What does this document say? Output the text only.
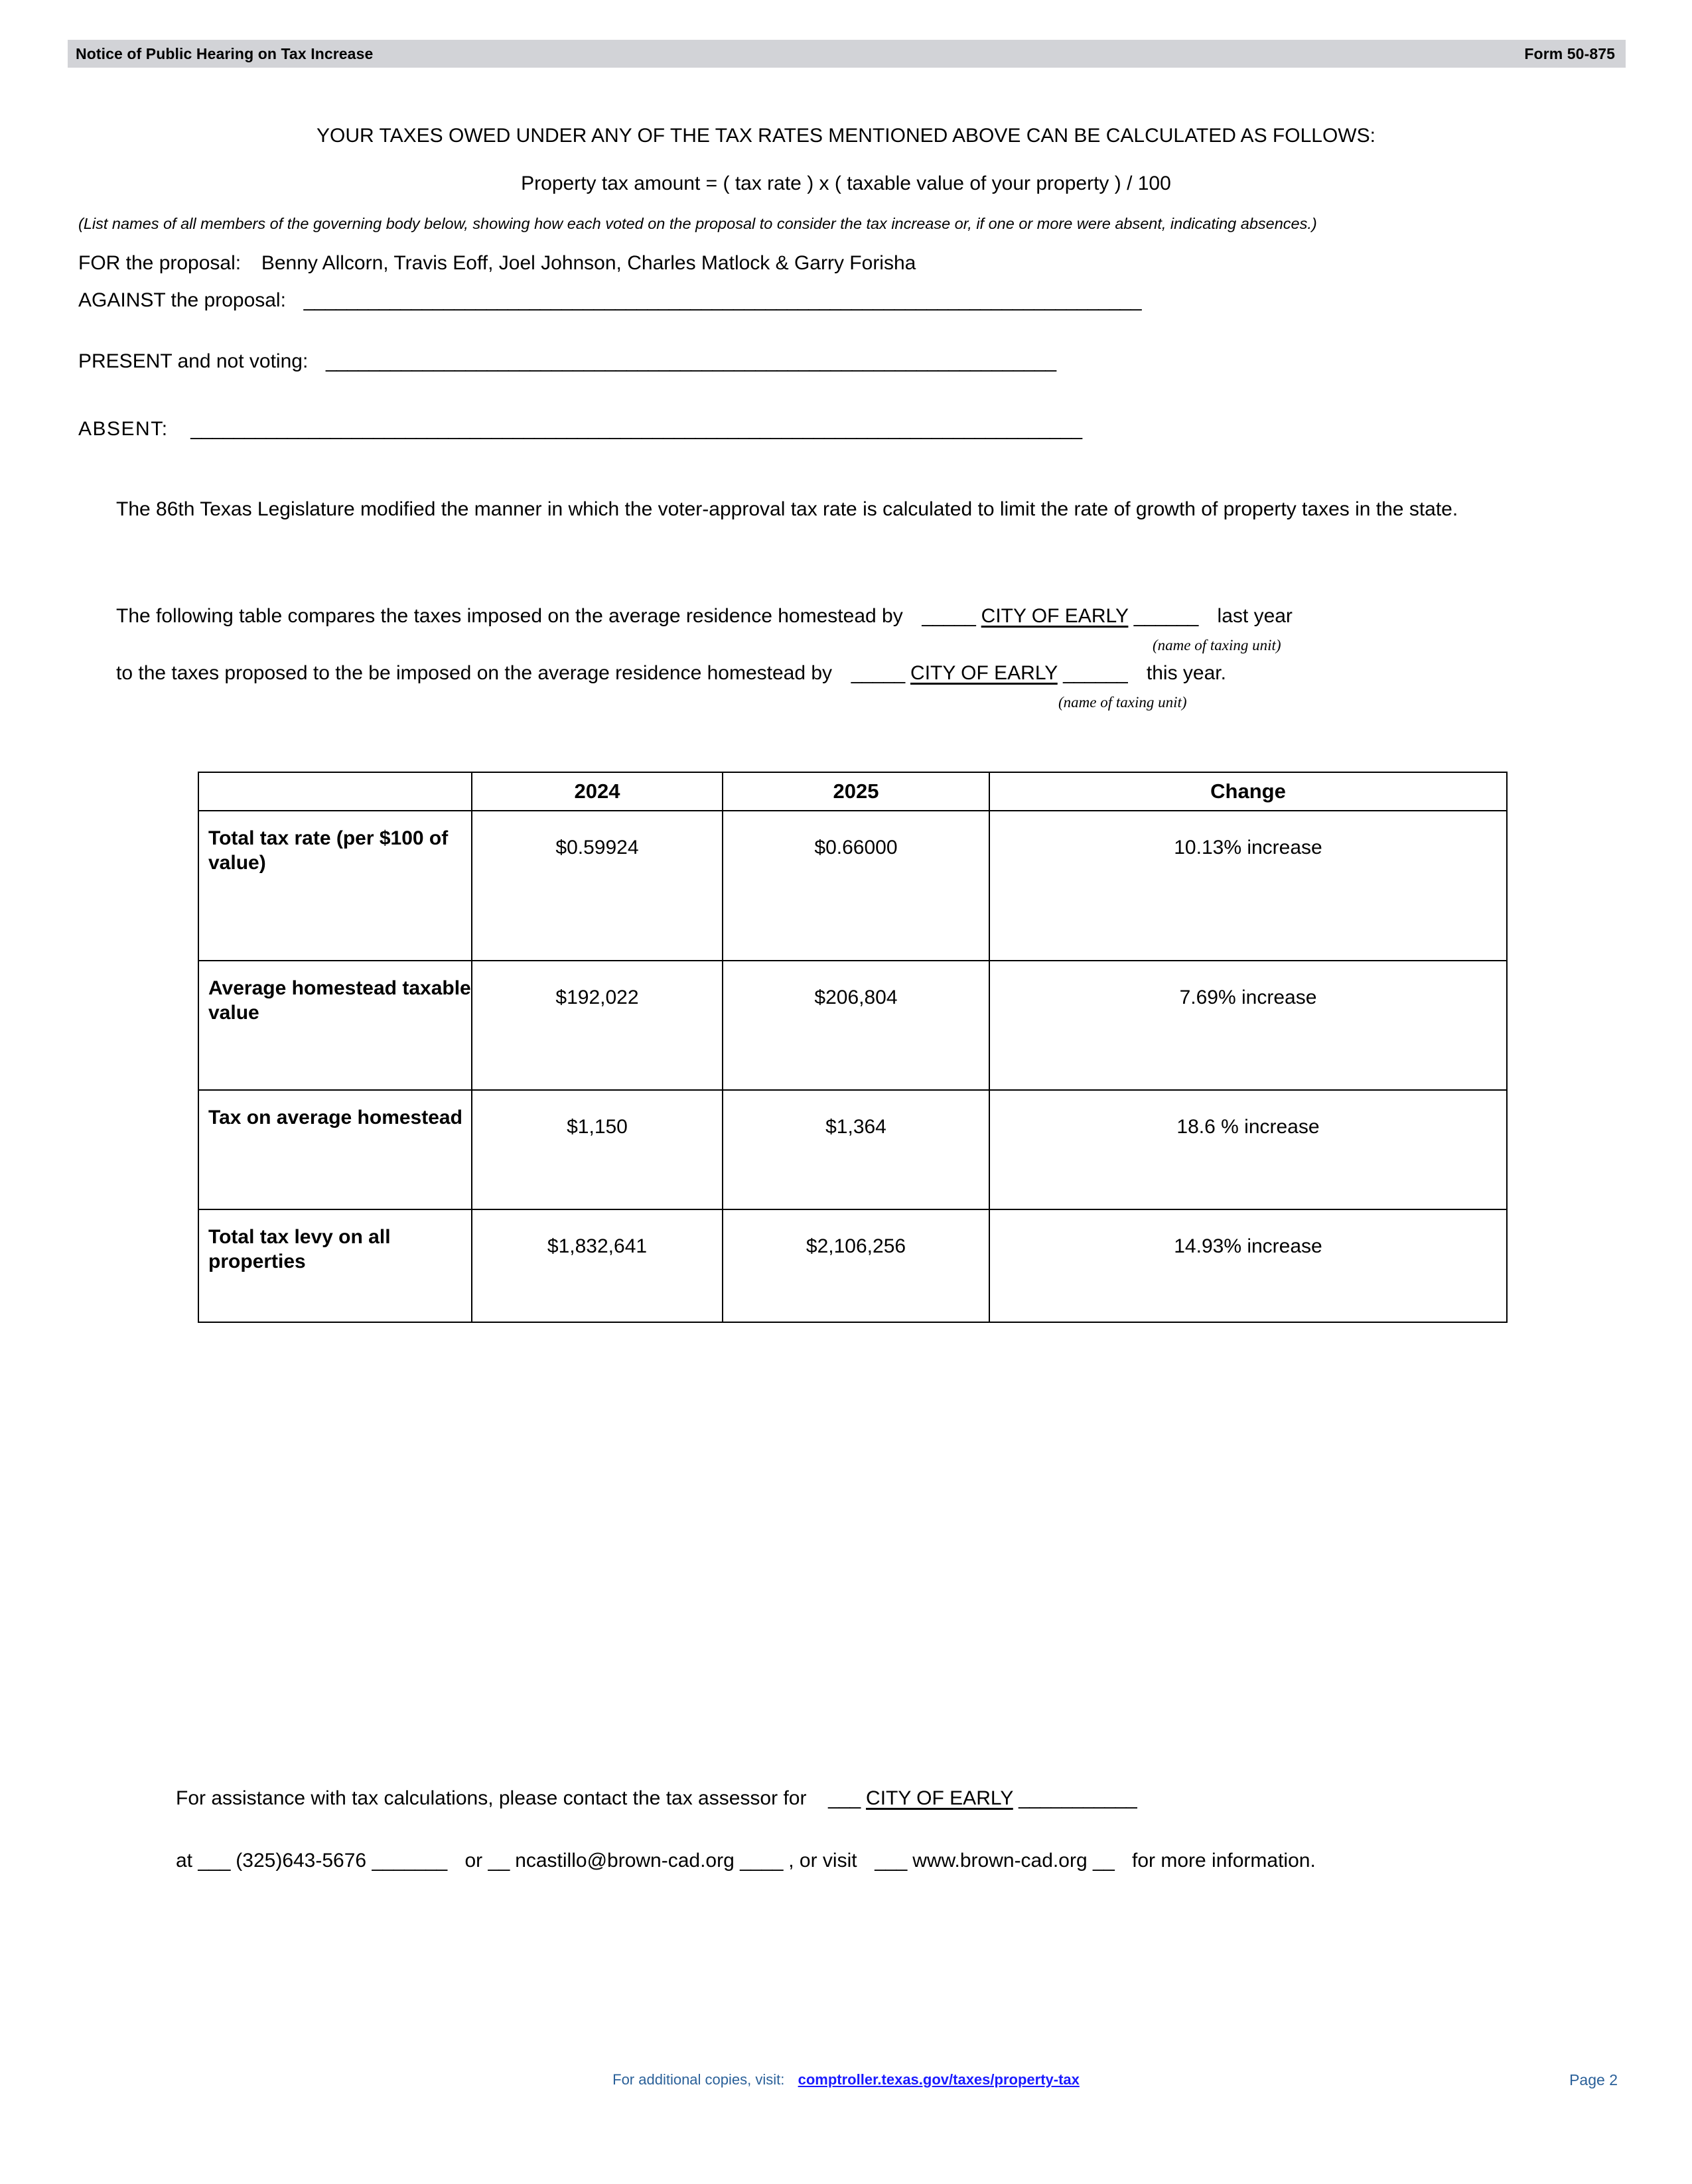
Notice of Public Hearing on Tax Increase	Form 50-875
YOUR TAXES OWED UNDER ANY OF THE TAX RATES MENTIONED ABOVE CAN BE CALCULATED AS FOLLOWS:
Property tax amount = ( tax rate ) x ( taxable value of your property ) / 100
(List names of all members of the governing body below, showing how each voted on the proposal to consider the tax increase or, if one or more were absent, indicating absences.)
FOR the proposal: Benny Allcorn, Travis Eoff, Joel Johnson, Charles Matlock & Garry Forisha
AGAINST the proposal: ______________________________________________________________________________
PRESENT and not voting: ____________________________________________________________________
ABSENT: ___________________________________________________________________________________
The 86th Texas Legislature modified the manner in which the voter-approval tax rate is calculated to limit the rate of growth of property taxes in the state.
The following table compares the taxes imposed on the average residence homestead by _____ CITY OF EARLY ______ last year
(name of taxing unit)
to the taxes proposed to the be imposed on the average residence homestead by _____ CITY OF EARLY ______ this year.
(name of taxing unit)
	2024	2025	Change
Total tax rate (per $100 of value)	$0.59924	$0.66000	10.13% increase
Average homestead taxable value	$192,022	$206,804	7.69% increase
Tax on average homestead	$1,150	$1,364	18.6 % increase
Total tax levy on all properties	$1,832,641	$2,106,256	14.93% increase
For assistance with tax calculations, please contact the tax assessor for ___ CITY OF EARLY ___________
at ___ (325)643-5676 _______ or __ ncastillo@brown-cad.org ____ , or visit ___ www.brown-cad.org __ for more information.
For additional copies, visit: comptroller.texas.gov/taxes/property-tax	Page 2
